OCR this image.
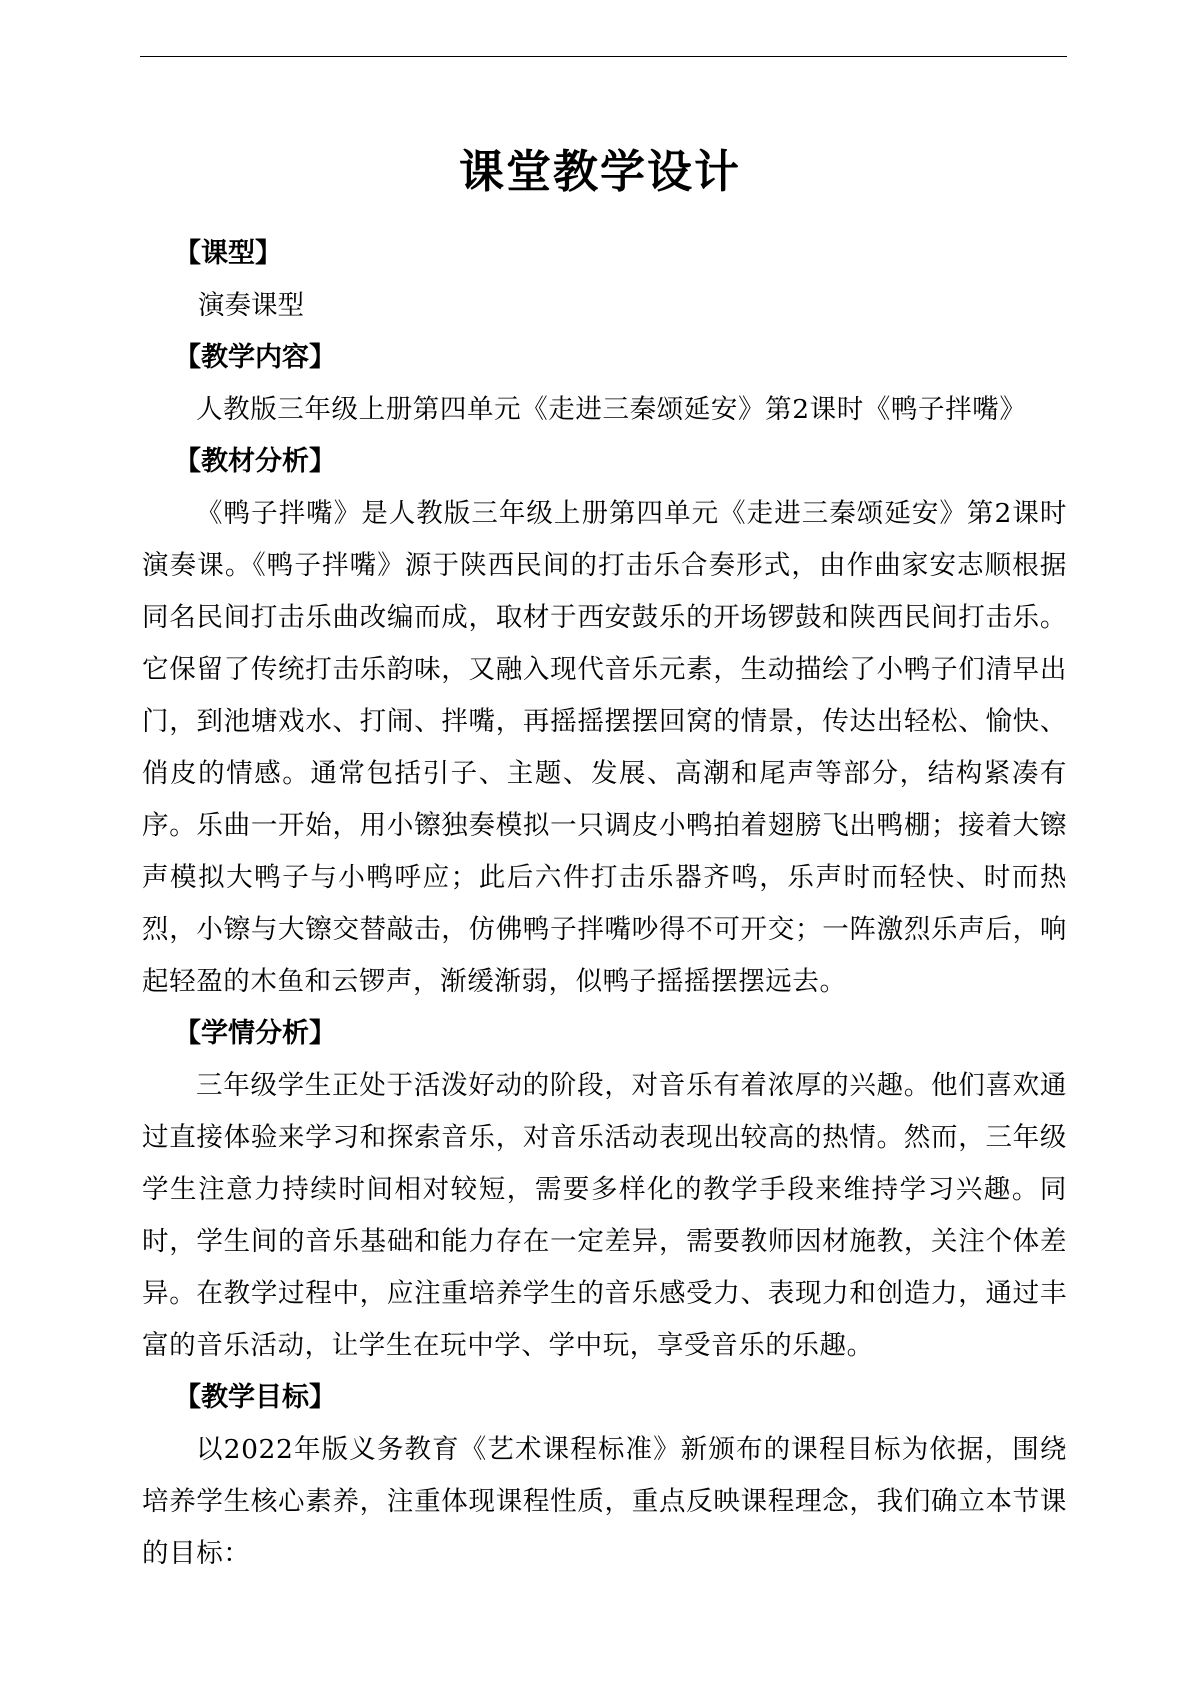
课堂教学设计
【课型】

演奏课型

【教学内容】

人教版三年级上册第四单元《走进三秦颂延安》第2课时《鸭子拌嘴》

【教材分析】

《鸭子拌嘴》是人教版三年级上册第四单元《走进三秦颂延安》第2课时演奏课。《鸭子拌嘴》源于陕西民间的打击乐合奏形式，由作曲家安志顺根据同名民间打击乐曲改编而成，取材于西安鼓乐的开场锣鼓和陕西民间打击乐。它保留了传统打击乐韵味，又融入现代音乐元素，生动描绘了小鸭子们清早出门，到池塘戏水、打闹、拌嘴，再摇摇摆摆回窝的情景，传达出轻松、愉快、俏皮的情感。通常包括引子、主题、发展、高潮和尾声等部分，结构紧凑有序。乐曲一开始，用小镲独奏模拟一只调皮小鸭拍着翅膀飞出鸭棚；接着大镲声模拟大鸭子与小鸭呼应；此后六件打击乐器齐鸣，乐声时而轻快、时而热烈，小镲与大镲交替敲击，仿佛鸭子拌嘴吵得不可开交；一阵激烈乐声后，响起轻盈的木鱼和云锣声，渐缓渐弱，似鸭子摇摇摆摆远去。

【学情分析】

三年级学生正处于活泼好动的阶段，对音乐有着浓厚的兴趣。他们喜欢通过直接体验来学习和探索音乐，对音乐活动表现出较高的热情。然而，三年级学生注意力持续时间相对较短，需要多样化的教学手段来维持学习兴趣。同时，学生间的音乐基础和能力存在一定差异，需要教师因材施教，关注个体差异。在教学过程中，应注重培养学生的音乐感受力、表现力和创造力，通过丰富的音乐活动，让学生在玩中学、学中玩，享受音乐的乐趣。

【教学目标】

以2022年版义务教育《艺术课程标准》新颁布的课程目标为依据，围绕培养学生核心素养，注重体现课程性质，重点反映课程理念，我们确立本节课的目标：
